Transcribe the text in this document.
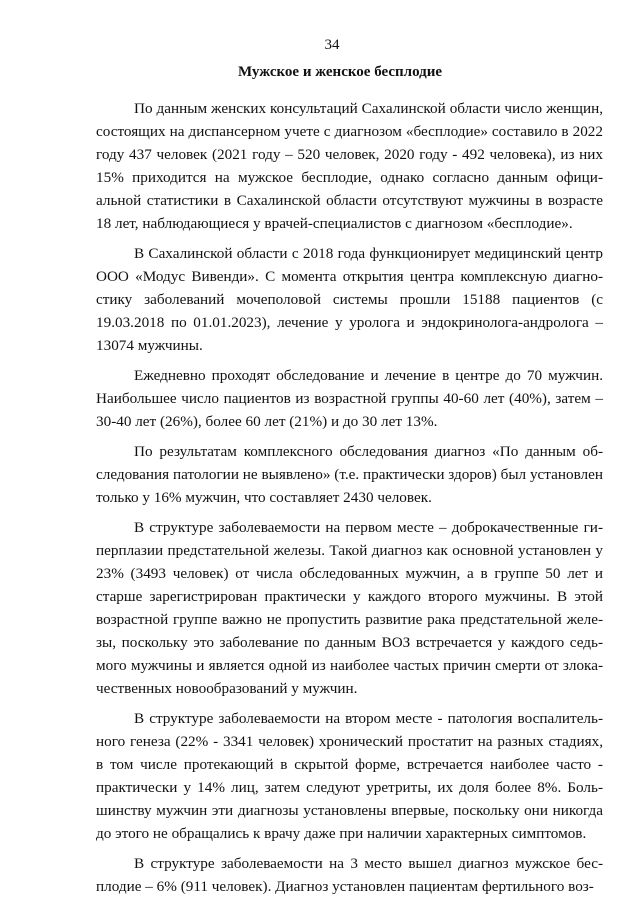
34
Мужское и женское бесплодие

По данным женских консультаций Сахалинской области число женщин, состоящих на диспансерном учете с диагнозом «бесплодие» составило в 2022 году 437 человек (2021 году – 520 человек, 2020 году - 492 человека), из них 15% приходится на мужское бесплодие, однако согласно данным официальной статистики в Сахалинской области отсутствуют мужчины в возрасте 18 лет, наблюдающиеся у врачей-специалистов с диагнозом «бесплодие».

В Сахалинской области с 2018 года функционирует медицинский центр ООО «Модус Вивенди». С момента открытия центра комплексную диагностику заболеваний мочеполовой системы прошли 15188 пациентов (с 19.03.2018 по 01.01.2023), лечение у уролога и эндокринолога-андролога – 13074 мужчины.

Ежедневно проходят обследование и лечение в центре до 70 мужчин. Наибольшее число пациентов из возрастной группы 40-60 лет (40%), затем – 30-40 лет (26%), более 60 лет (21%) и до 30 лет 13%.

По результатам комплексного обследования диагноз «По данным обследования патологии не выявлено» (т.е. практически здоров) был установлен только у 16% мужчин, что составляет 2430 человек.

В структуре заболеваемости на первом месте – доброкачественные гиперплазии предстательной железы. Такой диагноз как основной установлен у 23% (3493 человек) от числа обследованных мужчин, а в группе 50 лет и старше зарегистрирован практически у каждого второго мужчины. В этой возрастной группе важно не пропустить развитие рака предстательной железы, поскольку это заболевание по данным ВОЗ встречается у каждого седьмого мужчины и является одной из наиболее частых причин смерти от злокачественных новообразований у мужчин.

В структуре заболеваемости на втором месте - патология воспалительного генеза (22% - 3341 человек) хронический простатит на разных стадиях, в том числе протекающий в скрытой форме, встречается наиболее часто - практически у 14% лиц, затем следуют уретриты, их доля более 8%. Большинству мужчин эти диагнозы установлены впервые, поскольку они никогда до этого не обращались к врачу даже при наличии характерных симптомов.

В структуре заболеваемости на 3 место вышел диагноз мужское бесплодие – 6% (911 человек). Диагноз установлен пациентам фертильного воз-
